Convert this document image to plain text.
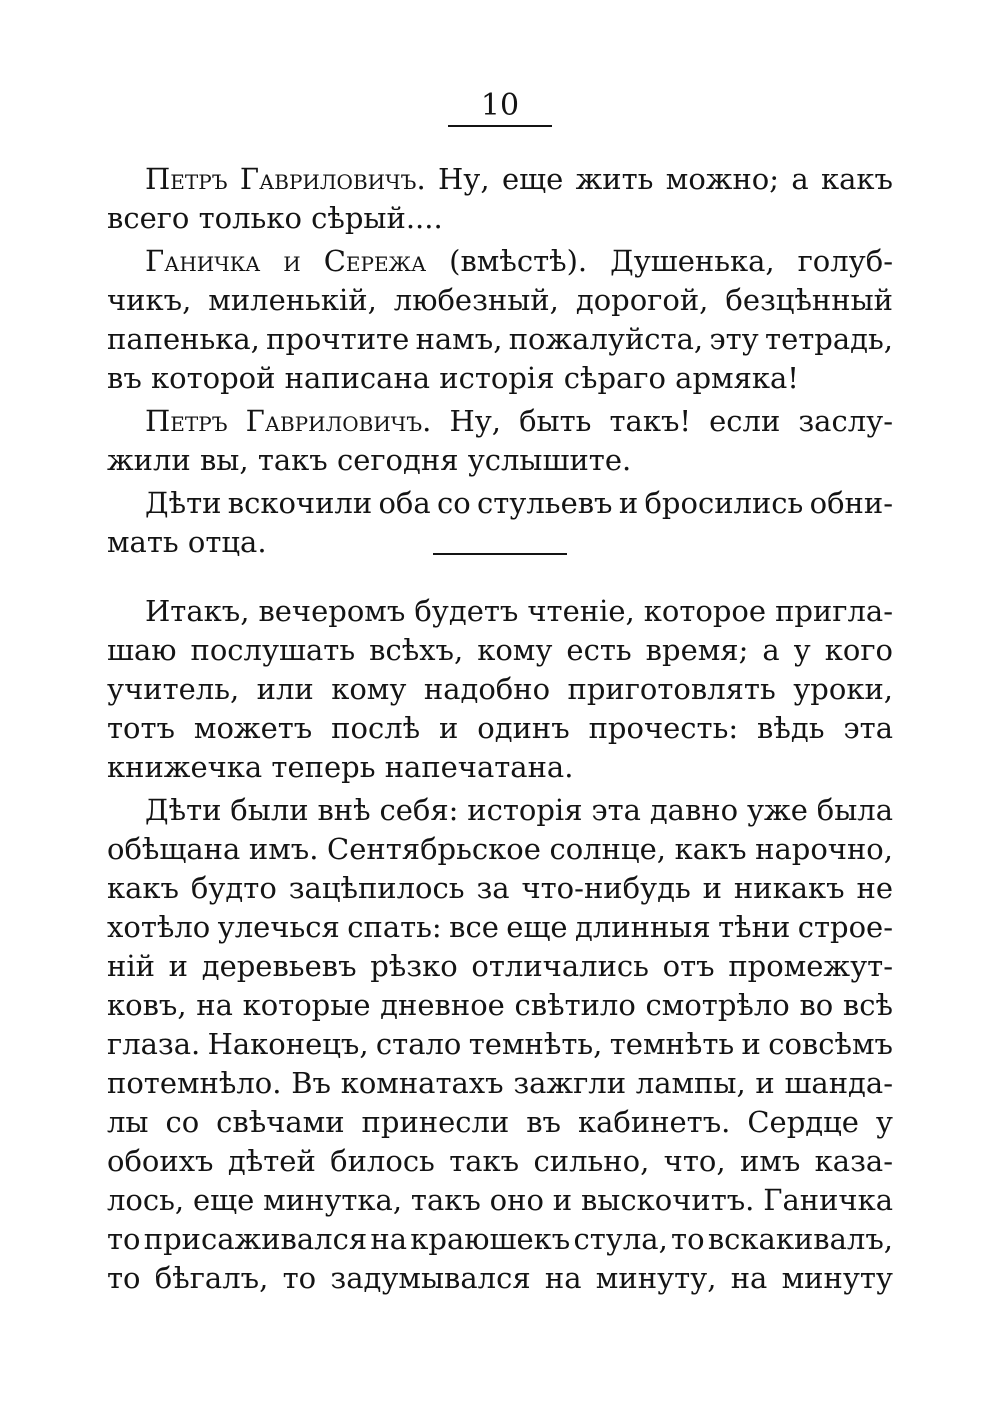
10
Петръ Гавриловичъ. Ну, еще жить можно; а какъ
всего только сѣрый....
Ганичка и Сережа (вмѣстѣ). Душенька, голуб-
чикъ, миленькій, любезный, дорогой, безцѣнный
папенька, прочтите намъ, пожалуйста, эту тетрадь,
въ которой написана исторія сѣраго армяка!
Петръ Гавриловичъ. Ну, быть такъ! если заслу-
жили вы, такъ сегодня услышите.
Дѣти вскочили оба со стульевъ и бросились обни-
мать отца.
Итакъ, вечеромъ будетъ чтеніе, которое пригла-
шаю послушать всѣхъ, кому есть время; а у кого
учитель, или кому надобно приготовлять уроки,
тотъ можетъ послѣ и одинъ прочесть: вѣдь эта
книжечка теперь напечатана.
Дѣти были внѣ себя: исторія эта давно уже была
обѣщана имъ. Сентябрьское солнце, какъ нарочно,
какъ будто зацѣпилось за что-нибудь и никакъ не
хотѣло улечься спать: все еще длинныя тѣни строе-
ній и деревьевъ рѣзко отличались отъ промежут-
ковъ, на которые дневное свѣтило смотрѣло во всѣ
глаза. Наконецъ, стало темнѣть, темнѣть и совсѣмъ
потемнѣло. Въ комнатахъ зажгли лампы, и шанда-
лы со свѣчами принесли въ кабинетъ. Сердце у
обоихъ дѣтей билось такъ сильно, что, имъ каза-
лось, еще минутка, такъ оно и выскочитъ. Ганичка
то присаживался на краюшекъ стула, то вскакивалъ,
то бѣгалъ, то задумывался на минуту, на минуту
